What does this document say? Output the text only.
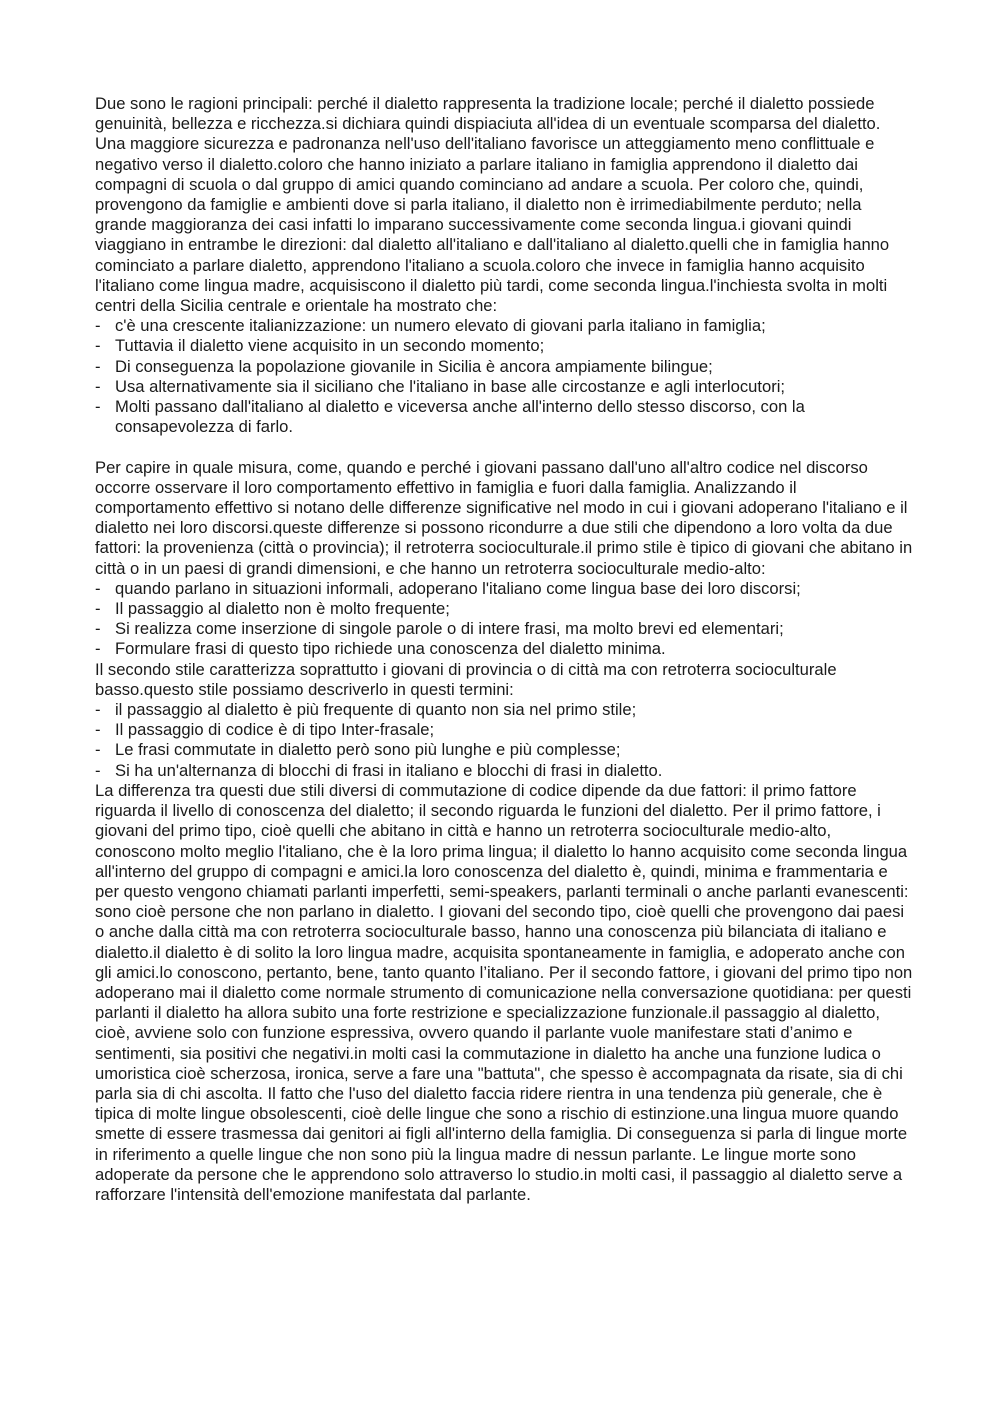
Due sono le ragioni principali: perché il dialetto rappresenta la tradizione locale; perché il dialetto possiede genuinità, bellezza e ricchezza.si dichiara quindi dispiaciuta all'idea di un eventuale scomparsa del dialetto. Una maggiore sicurezza e padronanza nell'uso dell'italiano favorisce un atteggiamento meno conflittuale e negativo verso il dialetto.coloro che hanno iniziato a parlare italiano in famiglia apprendono il dialetto dai compagni di scuola o dal gruppo di amici quando cominciano ad andare a scuola. Per coloro che, quindi, provengono da famiglie e ambienti dove si parla italiano, il dialetto non è irrimediabilmente perduto; nella grande maggioranza dei casi infatti lo imparano successivamente come seconda lingua.i giovani quindi viaggiano in entrambe le direzioni: dal dialetto all'italiano e dall'italiano al dialetto.quelli che in famiglia hanno cominciato a parlare dialetto, apprendono l'italiano a scuola.coloro che invece in famiglia hanno acquisito l'italiano come lingua madre, acquisiscono il dialetto più tardi, come seconda lingua.l'inchiesta svolta in molti centri della Sicilia centrale e orientale ha mostrato che:

- c'è una crescente italianizzazione: un numero elevato di giovani parla italiano in famiglia;
- Tuttavia il dialetto viene acquisito in un secondo momento;
- Di conseguenza la popolazione giovanile in Sicilia è ancora ampiamente bilingue;
- Usa alternativamente sia il siciliano che l'italiano in base alle circostanze e agli interlocutori;
- Molti passano dall'italiano al dialetto e viceversa anche all'interno dello stesso discorso, con la consapevolezza di farlo.

Per capire in quale misura, come, quando e perché i giovani passano dall'uno all'altro codice nel discorso occorre osservare il loro comportamento effettivo in famiglia e fuori dalla famiglia. Analizzando il comportamento effettivo si notano delle differenze significative nel modo in cui i giovani adoperano l'italiano e il dialetto nei loro discorsi.queste differenze si possono ricondurre a due stili che dipendono a loro volta da due fattori: la provenienza (città o provincia); il retroterra socioculturale.il primo stile è tipico di giovani che abitano in città o in un paesi di grandi dimensioni, e che hanno un retroterra socioculturale medio-alto:

- quando parlano in situazioni informali, adoperano l'italiano come lingua base dei loro discorsi;
- Il passaggio al dialetto non è molto frequente;
- Si realizza come inserzione di singole parole o di intere frasi, ma molto brevi ed elementari;
- Formulare frasi di questo tipo richiede una conoscenza del dialetto minima.

Il secondo stile caratterizza soprattutto i giovani di provincia o di città ma con retroterra socioculturale basso.questo stile possiamo descriverlo in questi termini:

- il passaggio al dialetto è più frequente di quanto non sia nel primo stile;
- Il passaggio di codice è di tipo Inter-frasale;
- Le frasi commutate in dialetto però sono più lunghe e più complesse;
- Si ha un'alternanza di blocchi di frasi in italiano e blocchi di frasi in dialetto.

La differenza tra questi due stili diversi di commutazione di codice dipende da due fattori: il primo fattore riguarda il livello di conoscenza del dialetto; il secondo riguarda le funzioni del dialetto. Per il primo fattore, i giovani del primo tipo, cioè quelli che abitano in città e hanno un retroterra socioculturale medio-alto, conoscono molto meglio l'italiano, che è la loro prima lingua; il dialetto lo hanno acquisito come seconda lingua all'interno del gruppo di compagni e amici.la loro conoscenza del dialetto è, quindi, minima e frammentaria e per questo vengono chiamati parlanti imperfetti, semi-speakers, parlanti terminali o anche parlanti evanescenti: sono cioè persone che non parlano in dialetto. I giovani del secondo tipo, cioè quelli che provengono dai paesi o anche dalla città ma con retroterra socioculturale basso, hanno una conoscenza più bilanciata di italiano e dialetto.il dialetto è di solito la loro lingua madre, acquisita spontaneamente in famiglia, e adoperato anche con gli amici.lo conoscono, pertanto, bene, tanto quanto l’italiano. Per il secondo fattore, i giovani del primo tipo non adoperano mai il dialetto come normale strumento di comunicazione nella conversazione quotidiana: per questi parlanti il dialetto ha allora subito una forte restrizione e specializzazione funzionale.il passaggio al dialetto, cioè, avviene solo con funzione espressiva, ovvero quando il parlante vuole manifestare stati d’animo e sentimenti, sia positivi che negativi.in molti casi la commutazione in dialetto ha anche una funzione ludica o umoristica cioè scherzosa, ironica, serve a fare una "battuta", che spesso è accompagnata da risate, sia di chi parla sia di chi ascolta. Il fatto che l'uso del dialetto faccia ridere rientra in una tendenza più generale, che è tipica di molte lingue obsolescenti, cioè delle lingue che sono a rischio di estinzione.una lingua muore quando smette di essere trasmessa dai genitori ai figli all'interno della famiglia. Di conseguenza si parla di lingue morte in riferimento a quelle lingue che non sono più la lingua madre di nessun parlante. Le lingue morte sono adoperate da persone che le apprendono solo attraverso lo studio.in molti casi, il passaggio al dialetto serve a rafforzare l'intensità dell'emozione manifestata dal parlante.
